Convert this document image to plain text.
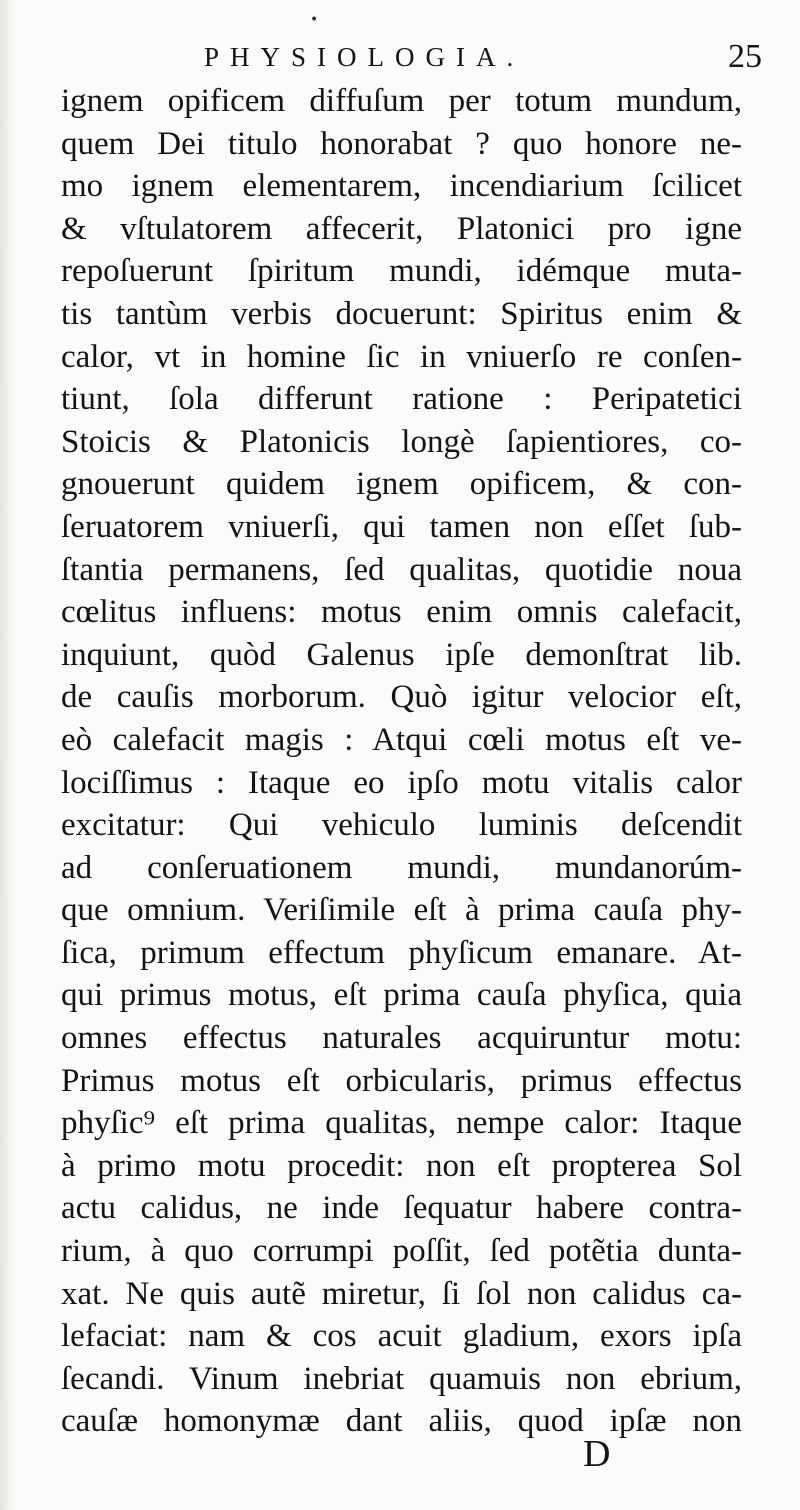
•
PHYSIOLOGIA.	25
ignem opificem diffuſum per totum mundum,
quem Dei titulo honorabat ? quo honore ne-
mo ignem elementarem, incendiarium ſcilicet
& vſtulatorem affecerit, Platonici pro igne
repoſuerunt ſpiritum mundi, idémque muta-
tis tantùm verbis docuerunt: Spiritus enim &
calor, vt in homine ſic in vniuerſo re conſen-
tiunt, ſola differunt ratione : Peripatetici
Stoicis & Platonicis longè ſapientiores, co-
gnouerunt quidem ignem opificem, & con-
ſeruatorem vniuerſi, qui tamen non eſſet ſub-
ſtantia permanens, ſed qualitas, quotidie noua
cœlitus influens: motus enim omnis calefacit,
inquiunt, quòd Galenus ipſe demonſtrat lib.
de cauſis morborum. Quò igitur velocior eſt,
eò calefacit magis : Atqui cœli motus eſt ve-
lociſſimus : Itaque eo ipſo motu vitalis calor
excitatur: Qui vehiculo luminis deſcendit
ad conſeruationem mundi, mundanorúm-
que omnium. Veriſimile eſt à prima cauſa phy-
ſica, primum effectum phyſicum emanare. At-
qui primus motus, eſt prima cauſa phyſica, quia
omnes effectus naturales acquiruntur motu:
Primus motus eſt orbicularis, primus effectus
phyſic⁹ eſt prima qualitas, nempe calor: Itaque
à primo motu procedit: non eſt propterea Sol
actu calidus, ne inde ſequatur habere contra-
rium, à quo corrumpi poſſit, ſed potẽtia dunta-
xat. Ne quis autẽ miretur, ſi ſol non calidus ca-
lefaciat: nam & cos acuit gladium, exors ipſa
ſecandi. Vinum inebriat quamuis non ebrium,
cauſæ homonymæ dant aliis, quod ipſæ non
D
